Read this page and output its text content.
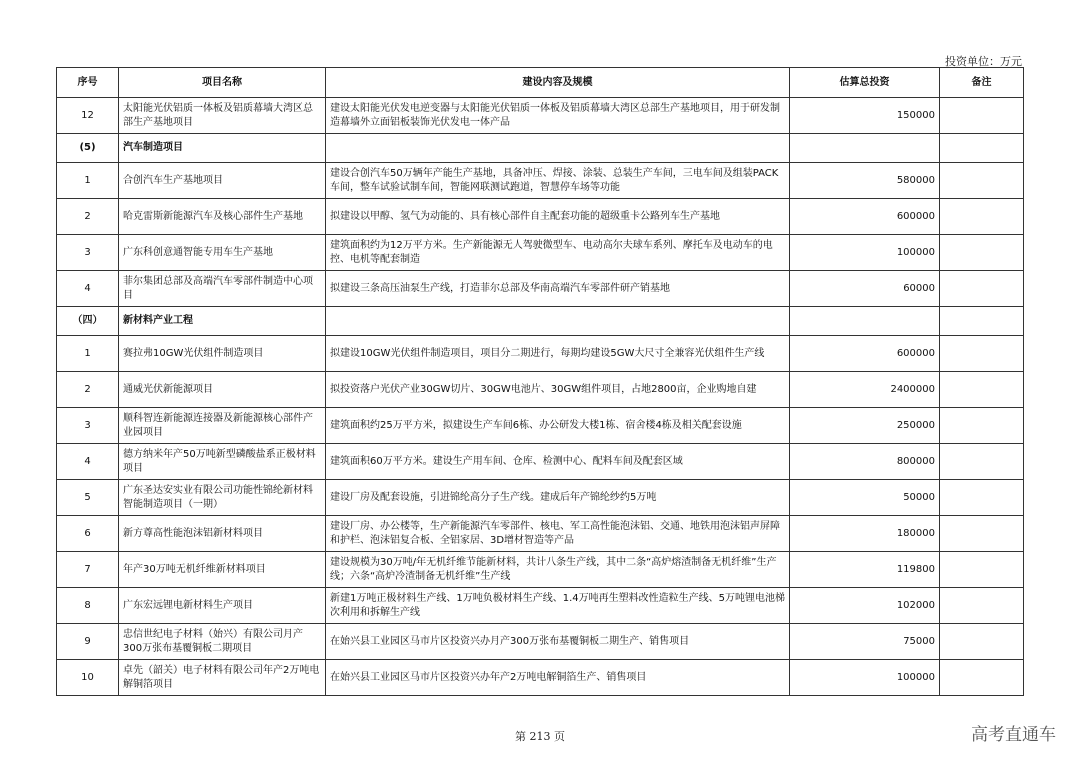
投资单位：万元
序号	项目名称	建设内容及规模	估算总投资	备注
12	太阳能光伏铝质一体板及铝质幕墙大湾区总部生产基地项目	建设太阳能光伏发电逆变器与太阳能光伏铝质一体板及铝质幕墙大湾区总部生产基地项目，用于研发制造幕墙外立面铝板装饰光伏发电一体产品	150000	
(5)	汽车制造项目			
1	合创汽车生产基地项目	建设合创汽车50万辆年产能生产基地，具备冲压、焊接、涂装、总装生产车间，三电车间及组装PACK车间，整车试验试制车间，智能网联测试跑道，智慧停车场等功能	580000	
2	哈克雷斯新能源汽车及核心部件生产基地	拟建设以甲醇、氢气为动能的、具有核心部件自主配套功能的超级重卡公路列车生产基地	600000	
3	广东科创意通智能专用车生产基地	建筑面积约为12万平方米。生产新能源无人驾驶微型车、电动高尔夫球车系列、摩托车及电动车的电控、电机等配套制造	100000	
4	菲尔集团总部及高端汽车零部件制造中心项目	拟建设三条高压油泵生产线，打造菲尔总部及华南高端汽车零部件研产销基地	60000	
（四）	新材料产业工程			
1	赛拉弗10GW光伏组件制造项目	拟建设10GW光伏组件制造项目，项目分二期进行，每期均建设5GW大尺寸全兼容光伏组件生产线	600000	
2	通威光伏新能源项目	拟投资落户光伏产业30GW切片、30GW电池片、30GW组件项目，占地2800亩，企业购地自建	2400000	
3	顺科智连新能源连接器及新能源核心部件产业园项目	建筑面积约25万平方米，拟建设生产车间6栋、办公研发大楼1栋、宿舍楼4栋及相关配套设施	250000	
4	德方纳米年产50万吨新型磷酸盐系正极材料项目	建筑面积60万平方米。建设生产用车间、仓库、检测中心、配料车间及配套区域	800000	
5	广东圣达安实业有限公司功能性锦纶新材料智能制造项目（一期）	建设厂房及配套设施，引进锦纶高分子生产线。建成后年产锦纶纱约5万吨	50000	
6	新方尊高性能泡沫铝新材料项目	建设厂房、办公楼等，生产新能源汽车零部件、核电、军工高性能泡沫铝、交通、地铁用泡沫铝声屏障和护栏、泡沫铝复合板、全铝家居、3D增材智造等产品	180000	
7	年产30万吨无机纤维新材料项目	建设规模为30万吨/年无机纤维节能新材料，共计八条生产线，其中二条“高炉熔渣制备无机纤维”生产线；六条“高炉冷渣制备无机纤维”生产线	119800	
8	广东宏远锂电新材料生产项目	新建1万吨正极材料生产线、1万吨负极材料生产线、1.4万吨再生塑料改性造粒生产线、5万吨锂电池梯次利用和拆解生产线	102000	
9	忠信世纪电子材料（始兴）有限公司月产300万张布基覆铜板二期项目	在始兴县工业园区马市片区投资兴办月产300万张布基覆铜板二期生产、销售项目	75000	
10	卓先（韶关）电子材料有限公司年产2万吨电解铜箔项目	在始兴县工业园区马市片区投资兴办年产2万吨电解铜箔生产、销售项目	100000	
第 213 页	高考直通车
